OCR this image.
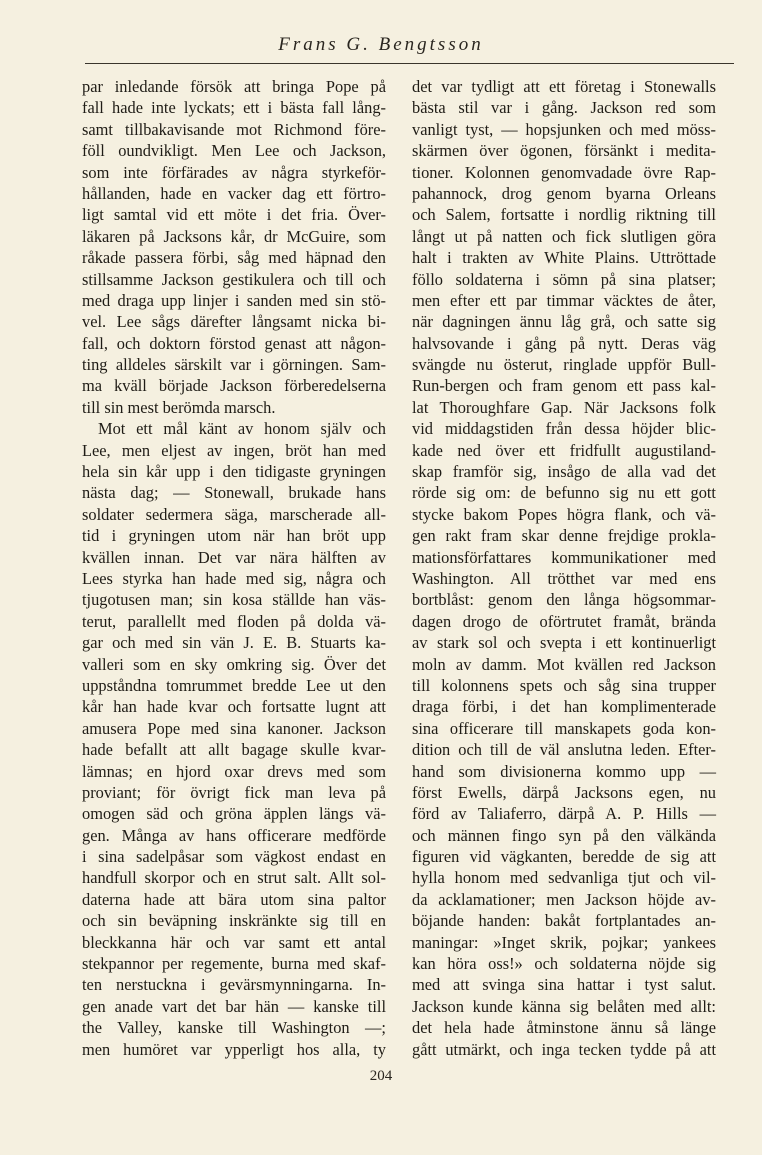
Frans G. Bengtsson
par inledande försök att bringa Pope på
fall hade inte lyckats; ett i bästa fall lång-
samt tillbakavisande mot Richmond före-
föll oundvikligt. Men Lee och Jackson,
som inte förfärades av några styrkeför-
hållanden, hade en vacker dag ett förtro-
ligt samtal vid ett möte i det fria. Över-
läkaren på Jacksons kår, dr McGuire, som
råkade passera förbi, såg med häpnad den
stillsamme Jackson gestikulera och till och
med draga upp linjer i sanden med sin stö-
vel. Lee sågs därefter långsamt nicka bi-
fall, och doktorn förstod genast att någon-
ting alldeles särskilt var i görningen. Sam-
ma kväll började Jackson förberedelserna
till sin mest berömda marsch.
Mot ett mål känt av honom själv och
Lee, men eljest av ingen, bröt han med
hela sin kår upp i den tidigaste gryningen
nästa dag; — Stonewall, brukade hans
soldater sedermera säga, marscherade all-
tid i gryningen utom när han bröt upp
kvällen innan. Det var nära hälften av
Lees styrka han hade med sig, några och
tjugotusen man; sin kosa ställde han väs-
terut, parallellt med floden på dolda vä-
gar och med sin vän J. E. B. Stuarts ka-
valleri som en sky omkring sig. Över det
uppståndna tomrummet bredde Lee ut den
kår han hade kvar och fortsatte lugnt att
amusera Pope med sina kanoner. Jackson
hade befallt att allt bagage skulle kvar-
lämnas; en hjord oxar drevs med som
proviant; för övrigt fick man leva på
omogen säd och gröna äpplen längs vä-
gen. Många av hans officerare medförde
i sina sadelpåsar som vägkost endast en
handfull skorpor och en strut salt. Allt sol-
daterna hade att bära utom sina paltor
och sin beväpning inskränkte sig till en
bleckkanna här och var samt ett antal
stekpannor per regemente, burna med skaf-
ten nerstuckna i gevärsmynningarna. In-
gen anade vart det bar hän — kanske till
the Valley, kanske till Washington —;
men humöret var ypperligt hos alla, ty
det var tydligt att ett företag i Stonewalls
bästa stil var i gång. Jackson red som
vanligt tyst, — hopsjunken och med möss-
skärmen över ögonen, försänkt i medita-
tioner. Kolonnen genomvadade övre Rap-
pahannock, drog genom byarna Orleans
och Salem, fortsatte i nordlig riktning till
långt ut på natten och fick slutligen göra
halt i trakten av White Plains. Uttröttade
föllo soldaterna i sömn på sina platser;
men efter ett par timmar väcktes de åter,
när dagningen ännu låg grå, och satte sig
halvsovande i gång på nytt. Deras väg
svängde nu österut, ringlade uppför Bull-
Run-bergen och fram genom ett pass kal-
lat Thoroughfare Gap. När Jacksons folk
vid middagstiden från dessa höjder blic-
kade ned över ett fridfullt augustiland-
skap framför sig, insågo de alla vad det
rörde sig om: de befunno sig nu ett gott
stycke bakom Popes högra flank, och vä-
gen rakt fram skar denne frejdige prokla-
mationsförfattares kommunikationer med
Washington. All trötthet var med ens
bortblåst: genom den långa högsommar-
dagen drogo de oförtrutet framåt, brända
av stark sol och svepta i ett kontinuerligt
moln av damm. Mot kvällen red Jackson
till kolonnens spets och såg sina trupper
draga förbi, i det han komplimenterade
sina officerare till manskapets goda kon-
dition och till de väl anslutna leden. Efter-
hand som divisionerna kommo upp —
först Ewells, därpå Jacksons egen, nu
förd av Taliaferro, därpå A. P. Hills —
och männen fingo syn på den välkända
figuren vid vägkanten, beredde de sig att
hylla honom med sedvanliga tjut och vil-
da acklamationer; men Jackson höjde av-
böjande handen: bakåt fortplantades an-
maningar: »Inget skrik, pojkar; yankees
kan höra oss!» och soldaterna nöjde sig
med att svinga sina hattar i tyst salut.
Jackson kunde känna sig belåten med allt:
det hela hade åtminstone ännu så länge
gått utmärkt, och inga tecken tydde på att
204
